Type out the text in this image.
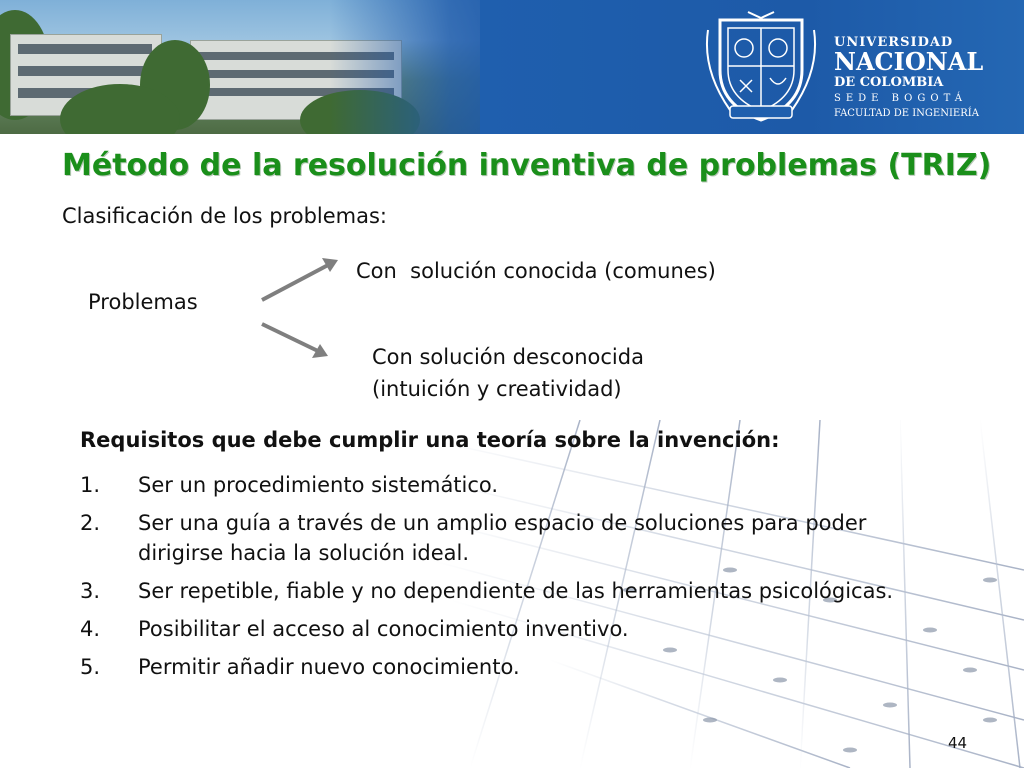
UNIVERSIDAD
NACIONAL
DE COLOMBIA
SEDE BOGOTÁ
FACULTAD DE INGENIERÍA
Método de la resolución inventiva de problemas (TRIZ)
Clasificación de los problemas:
Problemas
Con  solución conocida (comunes)
Con solución desconocida
(intuición y creatividad)
Requisitos que debe cumplir una teoría sobre la invención:
1.	Ser un procedimiento sistemático.
2.	Ser una guía a través de un amplio espacio de soluciones para poder dirigirse hacia la solución ideal.
3.	Ser repetible, fiable y no dependiente de las herramientas psicológicas.
4.	Posibilitar el acceso al conocimiento inventivo.
5.	Permitir añadir nuevo conocimiento.
44
